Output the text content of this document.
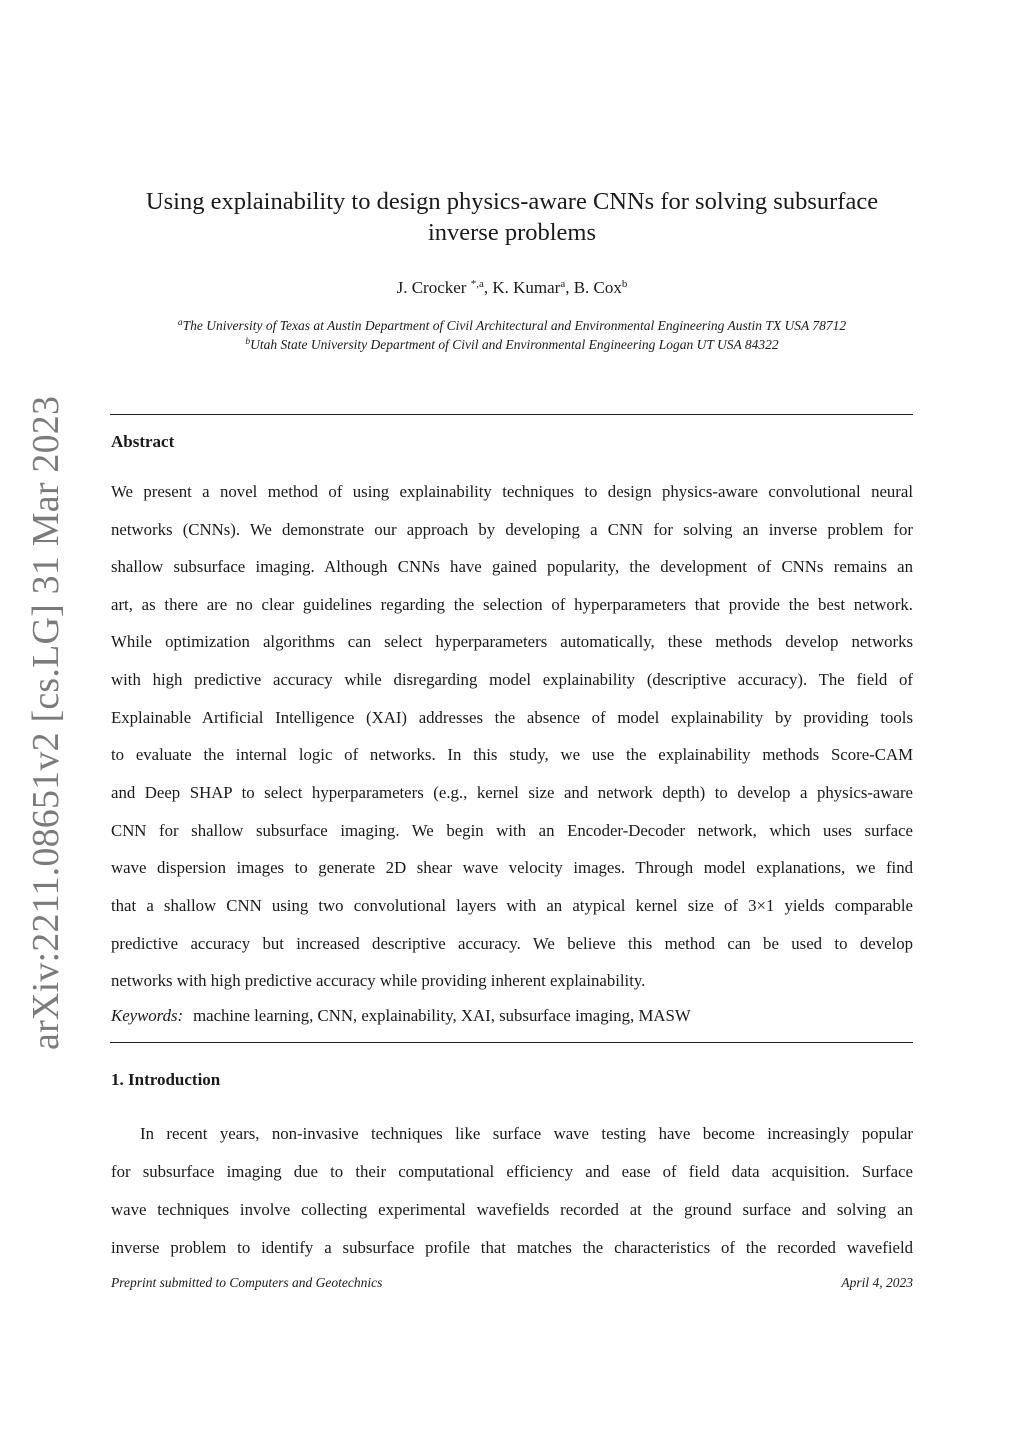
arXiv:2211.08651v2 [cs.LG] 31 Mar 2023
Using explainability to design physics-aware CNNs for solving subsurface
inverse problems
J. Crocker $^{*,a}$, K. Kumar$^a$, B. Cox$^b$
$^a$The University of Texas at Austin Department of Civil Architectural and Environmental Engineering Austin TX USA 78712
$^b$Utah State University Department of Civil and Environmental Engineering Logan UT USA 84322
Abstract
We present a novel method of using explainability techniques to design physics-aware convolutional neural
networks (CNNs). We demonstrate our approach by developing a CNN for solving an inverse problem for
shallow subsurface imaging. Although CNNs have gained popularity, the development of CNNs remains an
art, as there are no clear guidelines regarding the selection of hyperparameters that provide the best network.
While optimization algorithms can select hyperparameters automatically, these methods develop networks
with high predictive accuracy while disregarding model explainability (descriptive accuracy). The field of
Explainable Artificial Intelligence (XAI) addresses the absence of model explainability by providing tools
to evaluate the internal logic of networks. In this study, we use the explainability methods Score-CAM
and Deep SHAP to select hyperparameters (e.g., kernel size and network depth) to develop a physics-aware
CNN for shallow subsurface imaging. We begin with an Encoder-Decoder network, which uses surface
wave dispersion images to generate 2D shear wave velocity images. Through model explanations, we find
that a shallow CNN using two convolutional layers with an atypical kernel size of 3×1 yields comparable
predictive accuracy but increased descriptive accuracy. We believe this method can be used to develop
networks with high predictive accuracy while providing inherent explainability.
Keywords: machine learning, CNN, explainability, XAI, subsurface imaging, MASW
1. Introduction
In recent years, non-invasive techniques like surface wave testing have become increasingly popular
for subsurface imaging due to their computational efficiency and ease of field data acquisition. Surface
wave techniques involve collecting experimental wavefields recorded at the ground surface and solving an
inverse problem to identify a subsurface profile that matches the characteristics of the recorded wavefield
Preprint submitted to Computers and Geotechnics	April 4, 2023
